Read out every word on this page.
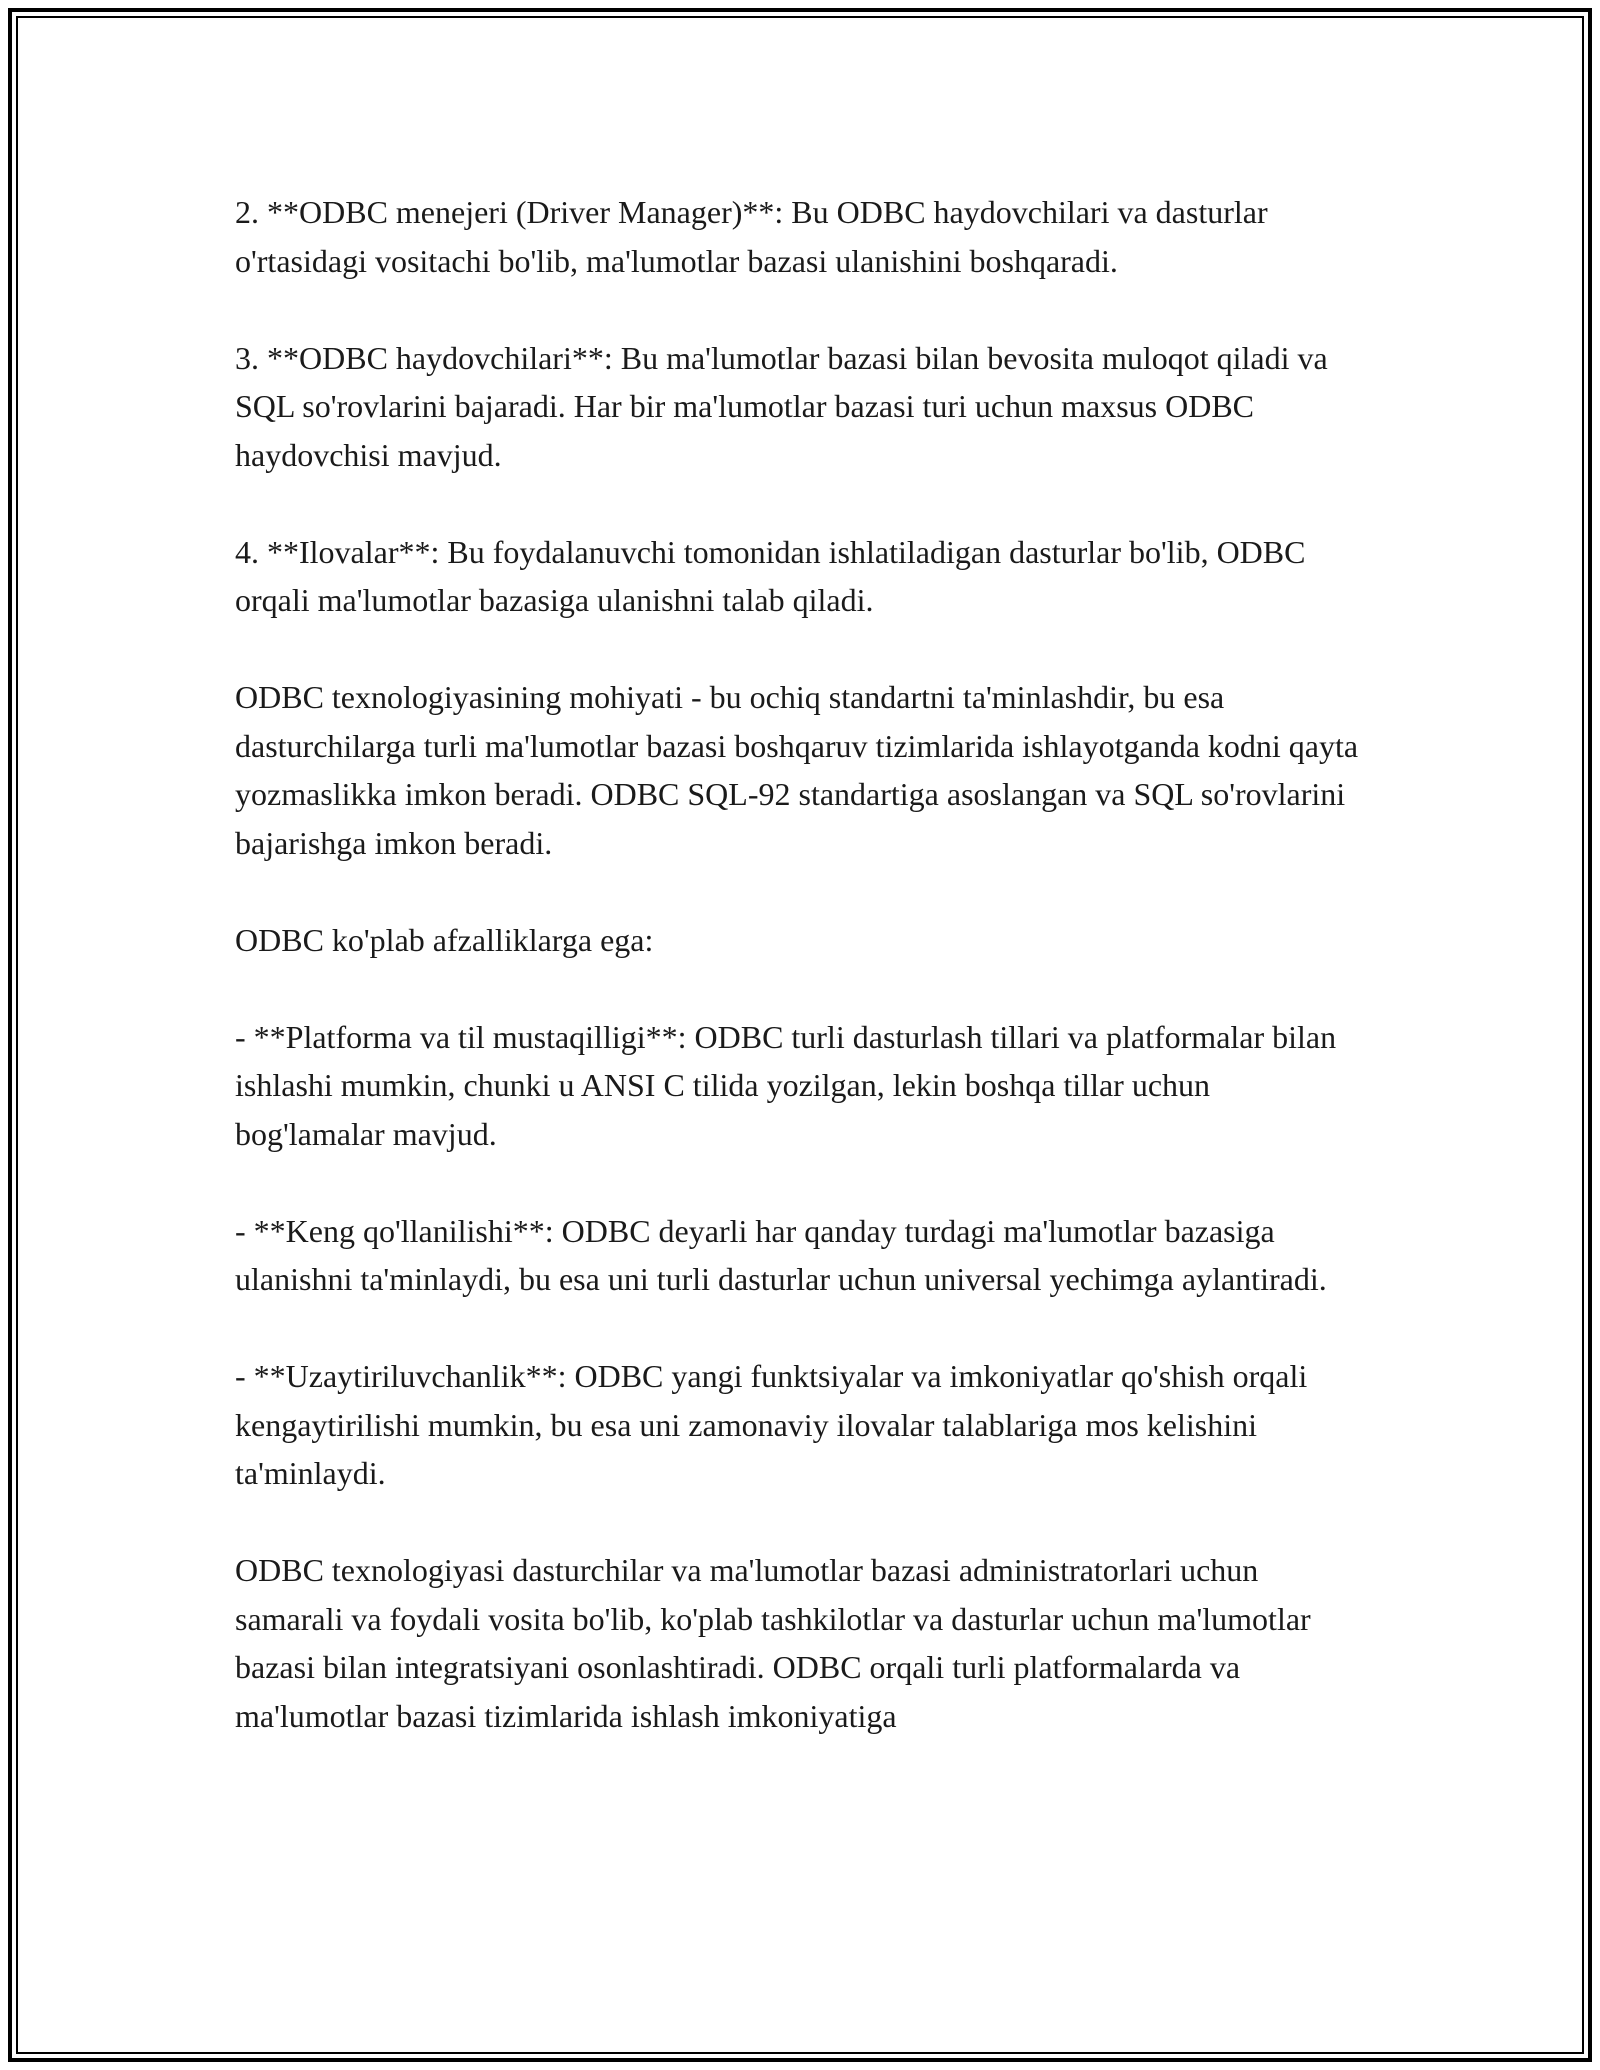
2. **ODBC menejeri (Driver Manager)**: Bu ODBC haydovchilari va dasturlar o'rtasidagi vositachi bo'lib, ma'lumotlar bazasi ulanishini boshqaradi.

3. **ODBC haydovchilari**: Bu ma'lumotlar bazasi bilan bevosita muloqot qiladi va SQL so'rovlarini bajaradi. Har bir ma'lumotlar bazasi turi uchun maxsus ODBC haydovchisi mavjud.

4. **Ilovalar**: Bu foydalanuvchi tomonidan ishlatiladigan dasturlar bo'lib, ODBC orqali ma'lumotlar bazasiga ulanishni talab qiladi.

ODBC texnologiyasining mohiyati - bu ochiq standartni ta'minlashdir, bu esa dasturchilarga turli ma'lumotlar bazasi boshqaruv tizimlarida ishlayotganda kodni qayta yozmaslikka imkon beradi. ODBC SQL-92 standartiga asoslangan va SQL so'rovlarini bajarishga imkon beradi.

ODBC ko'plab afzalliklarga ega:

- **Platforma va til mustaqilligi**: ODBC turli dasturlash tillari va platformalar bilan ishlashi mumkin, chunki u ANSI C tilida yozilgan, lekin boshqa tillar uchun bog'lamalar mavjud.

- **Keng qo'llanilishi**: ODBC deyarli har qanday turdagi ma'lumotlar bazasiga ulanishni ta'minlaydi, bu esa uni turli dasturlar uchun universal yechimga aylantiradi.

- **Uzaytiriluvchanlik**: ODBC yangi funktsiyalar va imkoniyatlar qo'shish orqali kengaytirilishi mumkin, bu esa uni zamonaviy ilovalar talablariga mos kelishini ta'minlaydi.

ODBC texnologiyasi dasturchilar va ma'lumotlar bazasi administratorlari uchun samarali va foydali vosita bo'lib, ko'plab tashkilotlar va dasturlar uchun ma'lumotlar bazasi bilan integratsiyani osonlashtiradi. ODBC orqali turli platformalarda va ma'lumotlar bazasi tizimlarida ishlash imkoniyatiga
